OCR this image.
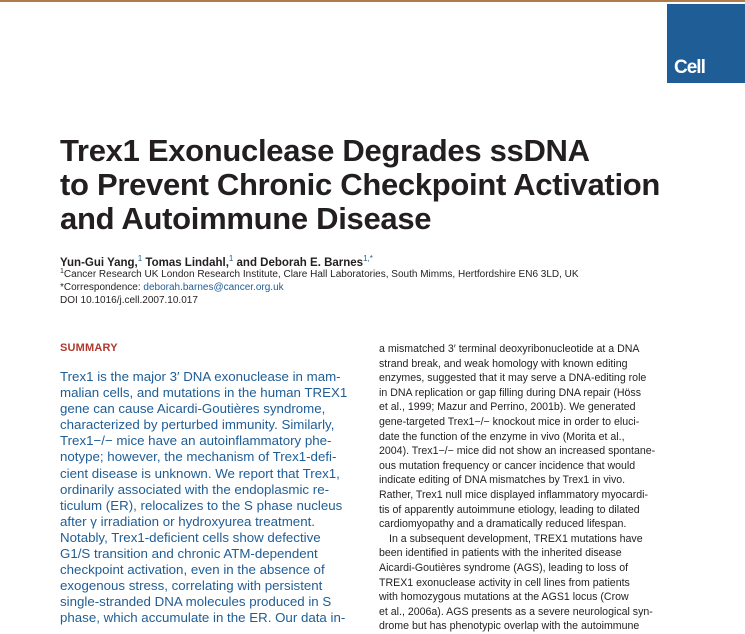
Cell
Trex1 Exonuclease Degrades ssDNA
to Prevent Chronic Checkpoint Activation
and Autoimmune Disease
Yun-Gui Yang,$^1$ Tomas Lindahl,$^1$ and Deborah E. Barnes$^{1,*}$
$^1$Cancer Research UK London Research Institute, Clare Hall Laboratories, South Mimms, Hertfordshire EN6 3LD, UK
*Correspondence: deborah.barnes@cancer.org.uk
DOI 10.1016/j.cell.2007.10.017
SUMMARY
Trex1 is the major 3′ DNA exonuclease in mam-
malian cells, and mutations in the human TREX1
gene can cause Aicardi-Goutières syndrome,
characterized by perturbed immunity. Similarly,
Trex1−/− mice have an autoinflammatory phe-
notype; however, the mechanism of Trex1-defi-
cient disease is unknown. We report that Trex1,
ordinarily associated with the endoplasmic re-
ticulum (ER), relocalizes to the S phase nucleus
after γ irradiation or hydroxyurea treatment.
Notably, Trex1-deficient cells show defective
G1/S transition and chronic ATM-dependent
checkpoint activation, even in the absence of
exogenous stress, correlating with persistent
single-stranded DNA molecules produced in S
phase, which accumulate in the ER. Our data in-
a mismatched 3′ terminal deoxyribonucleotide at a DNA
strand break, and weak homology with known editing
enzymes, suggested that it may serve a DNA-editing role
in DNA replication or gap filling during DNA repair (Höss
et al., 1999; Mazur and Perrino, 2001b). We generated
gene-targeted Trex1−/− knockout mice in order to eluci-
date the function of the enzyme in vivo (Morita et al.,
2004). Trex1−/− mice did not show an increased spontane-
ous mutation frequency or cancer incidence that would
indicate editing of DNA mismatches by Trex1 in vivo.
Rather, Trex1 null mice displayed inflammatory myocardi-
tis of apparently autoimmune etiology, leading to dilated
cardiomyopathy and a dramatically reduced lifespan.
In a subsequent development, TREX1 mutations have
been identified in patients with the inherited disease
Aicardi-Goutières syndrome (AGS), leading to loss of
TREX1 exonuclease activity in cell lines from patients
with homozygous mutations at the AGS1 locus (Crow
et al., 2006a). AGS presents as a severe neurological syn-
drome but has phenotypic overlap with the autoimmune
